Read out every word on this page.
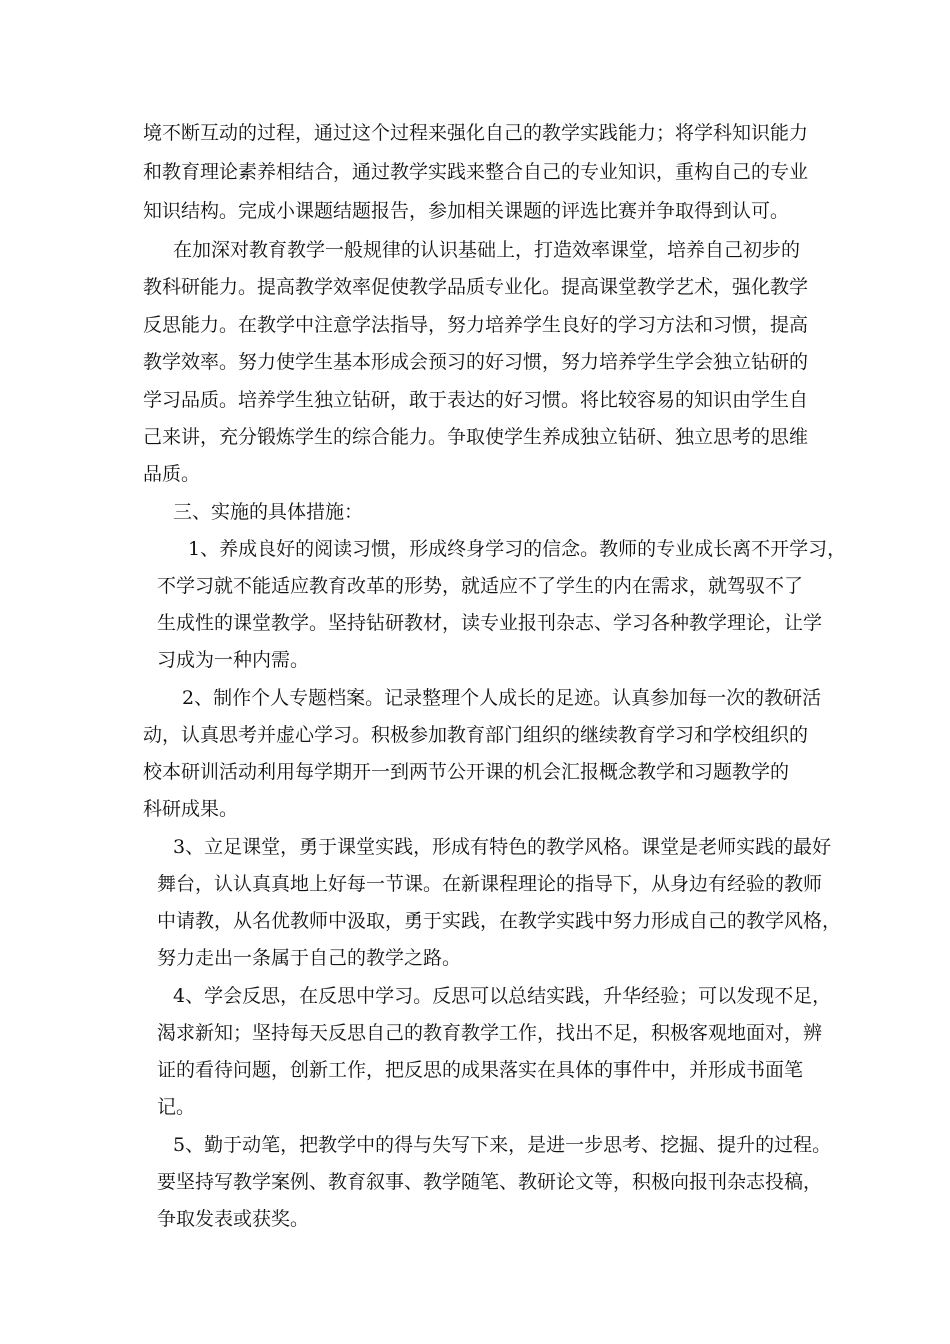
境不断互动的过程，通过这个过程来强化自己的教学实践能力；将学科知识能力

和教育理论素养相结合，通过教学实践来整合自己的专业知识，重构自己的专业

知识结构。完成小课题结题报告，参加相关课题的评选比赛并争取得到认可。

在加深对教育教学一般规律的认识基础上，打造效率课堂，培养自己初步的

教科研能力。提高教学效率促使教学品质专业化。提高课堂教学艺术，强化教学

反思能力。在教学中注意学法指导，努力培养学生良好的学习方法和习惯，提高

教学效率。努力使学生基本形成会预习的好习惯，努力培养学生学会独立钻研的

学习品质。培养学生独立钻研，敢于表达的好习惯。将比较容易的知识由学生自

己来讲，充分锻炼学生的综合能力。争取使学生养成独立钻研、独立思考的思维

品质。

三、实施的具体措施：

1、养成良好的阅读习惯，形成终身学习的信念。教师的专业成长离不开学习，

不学习就不能适应教育改革的形势，就适应不了学生的内在需求，就驾驭不了

生成性的课堂教学。坚持钻研教材，读专业报刊杂志、学习各种教学理论，让学

习成为一种内需。

2、制作个人专题档案。记录整理个人成长的足迹。认真参加每一次的教研活

动，认真思考并虚心学习。积极参加教育部门组织的继续教育学习和学校组织的

校本研训活动利用每学期开一到两节公开课的机会汇报概念教学和习题教学的

科研成果。

3、立足课堂，勇于课堂实践，形成有特色的教学风格。课堂是老师实践的最好

舞台，认认真真地上好每一节课。在新课程理论的指导下，从身边有经验的教师

中请教，从名优教师中汲取，勇于实践，在教学实践中努力形成自己的教学风格，

努力走出一条属于自己的教学之路。

4、学会反思，在反思中学习。反思可以总结实践，升华经验；可以发现不足，

渴求新知；坚持每天反思自己的教育教学工作，找出不足，积极客观地面对，辨

证的看待问题，创新工作，把反思的成果落实在具体的事件中，并形成书面笔

记。

5、勤于动笔，把教学中的得与失写下来，是进一步思考、挖掘、提升的过程。

要坚持写教学案例、教育叙事、教学随笔、教研论文等，积极向报刊杂志投稿，

争取发表或获奖。
